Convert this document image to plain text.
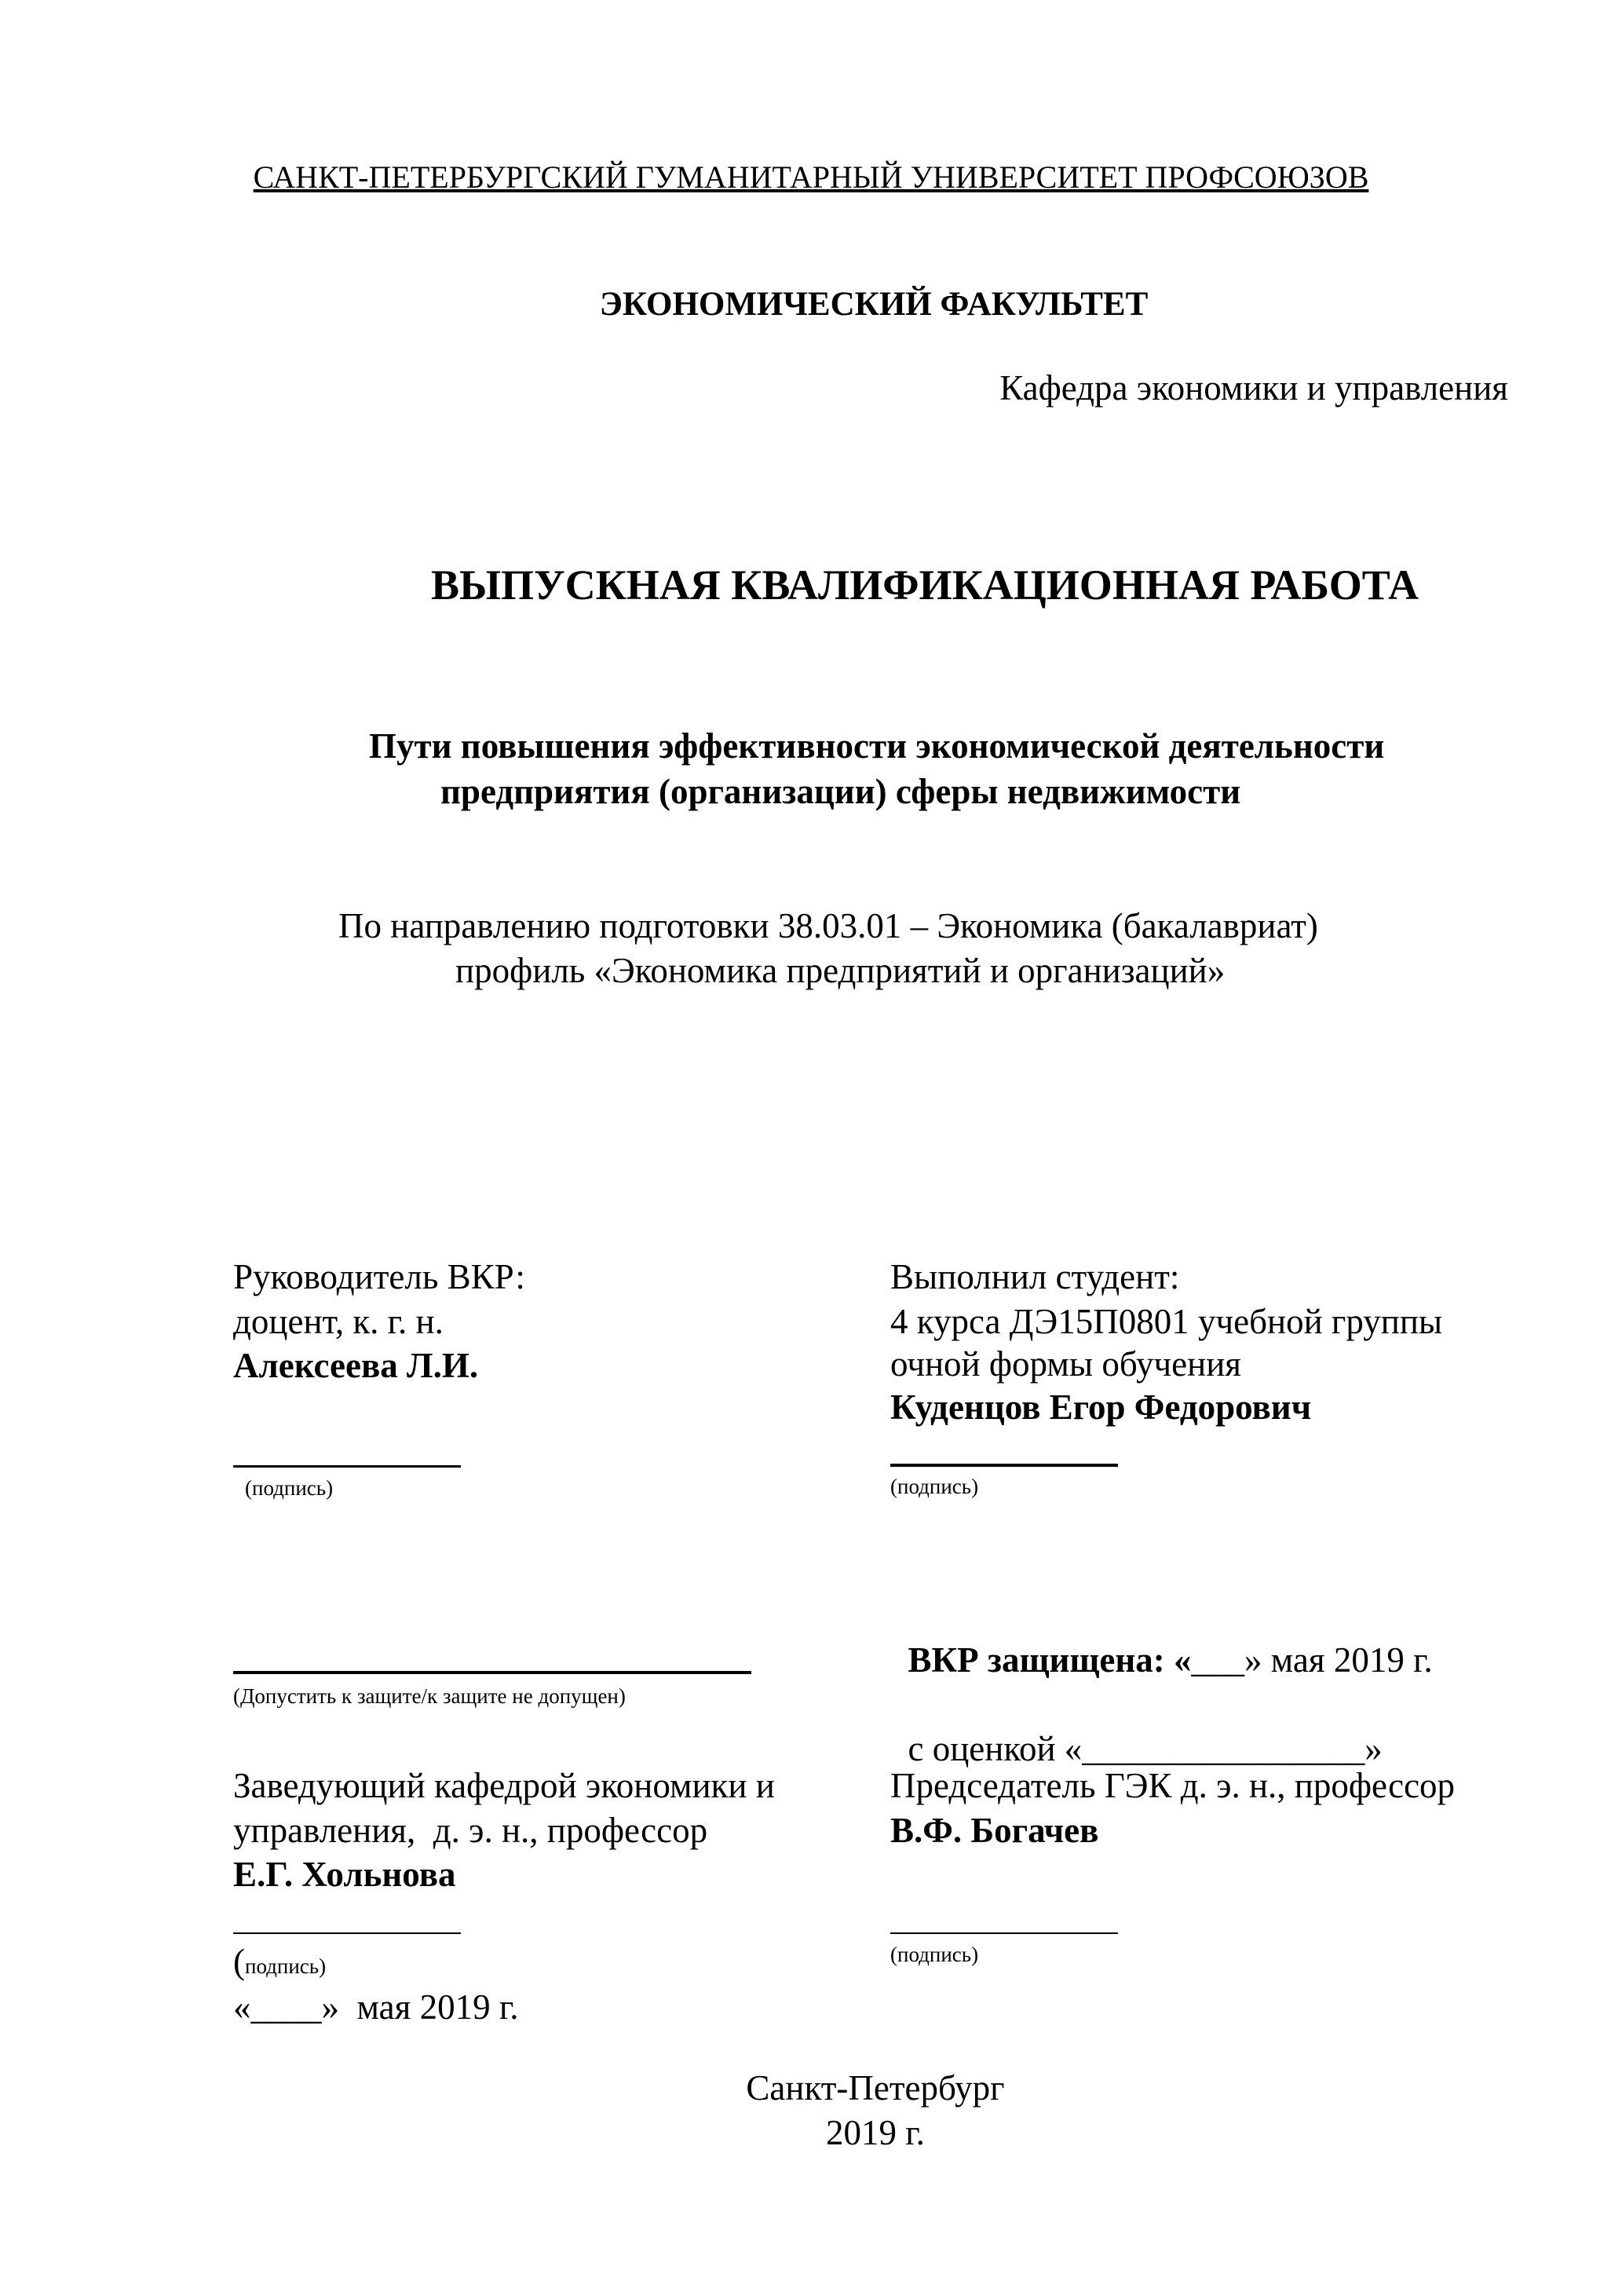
САНКТ-ПЕТЕРБУРГСКИЙ ГУМАНИТАРНЫЙ УНИВЕРСИТЕТ ПРОФСОЮЗОВ
ЭКОНОМИЧЕСКИЙ ФАКУЛЬТЕТ
Кафедра экономики и управления
ВЫПУСКНАЯ КВАЛИФИКАЦИОННАЯ РАБОТА
Пути повышения эффективности экономической деятельности
предприятия (организации) сферы недвижимости
По направлению подготовки 38.03.01 – Экономика (бакалавриат)
профиль «Экономика предприятий и организаций»
Руководитель ВКР:
доцент, к. г. н.
Алексеева Л.И.
(подпись)
(Допустить к защите/к защите не допущен)
Заведующий кафедрой экономики и
управления,  д. э. н., профессор
Е.Г. Хольнова
(подпись)
«____»  мая 2019 г.
Выполнил студент:
4 курса ДЭ15П0801 учебной группы
очной формы обучения
Куденцов Егор Федорович
(подпись)

ВКР защищена: «___» мая 2019 г.

с оценкой «________________»

Председатель ГЭК д. э. н., профессор
В.Ф. Богачев
(подпись)
Санкт-Петербург
2019 г.
